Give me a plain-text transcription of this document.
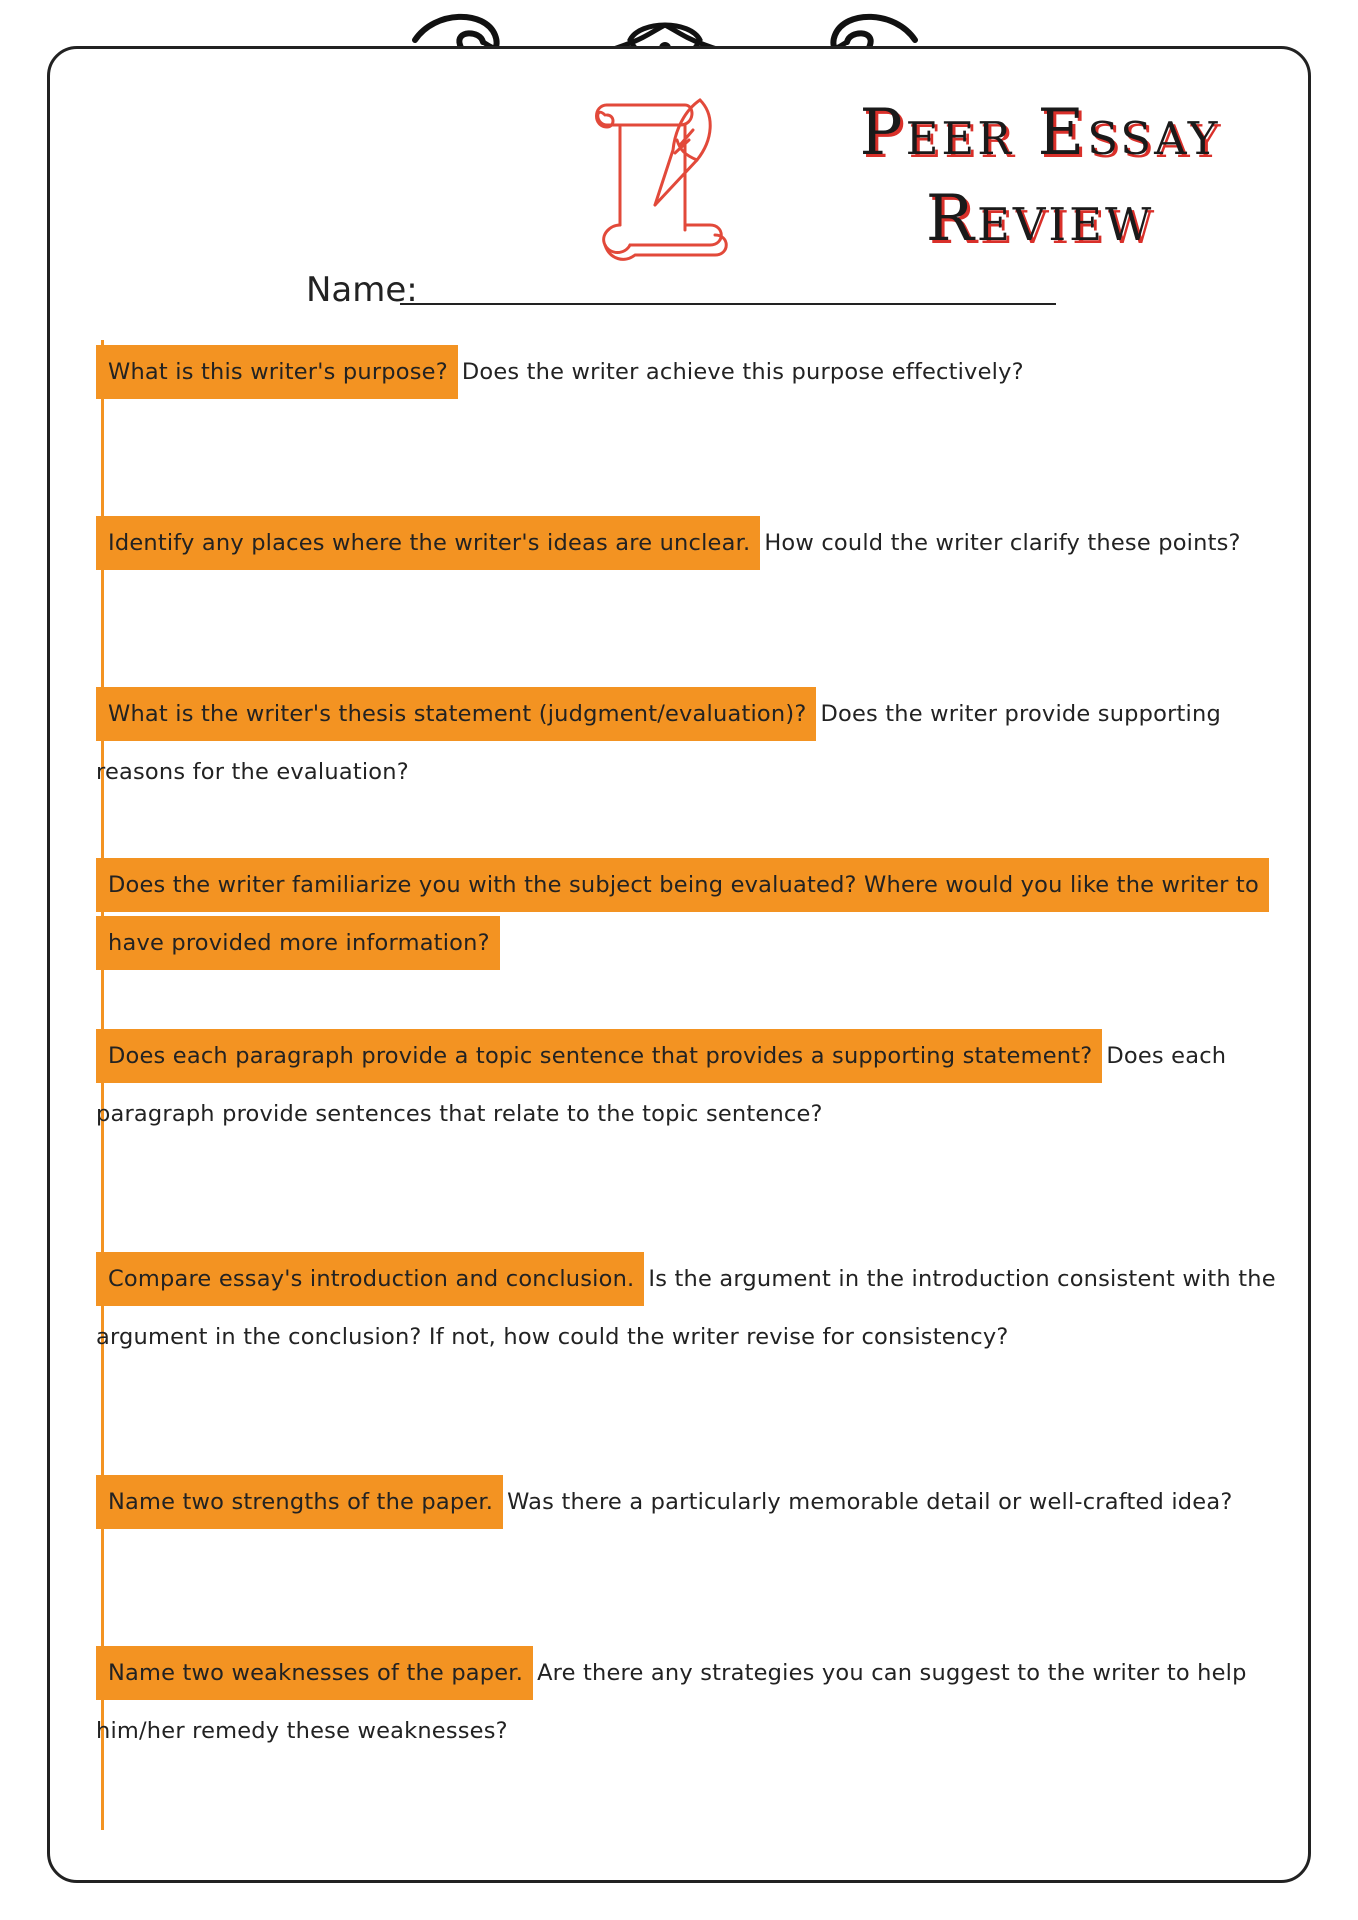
Peer Essay
Review
Name:
What is this writer's purpose? Does the writer achieve this purpose effectively?
Identify any places where the writer's ideas are unclear. How could the writer clarify these points?
What is the writer's thesis statement (judgment/evaluation)? Does the writer provide supporting reasons for the evaluation?
Does the writer familiarize you with the subject being evaluated? Where would you like the writer to have provided more information?
Does each paragraph provide a topic sentence that provides a supporting statement? Does each paragraph provide sentences that relate to the topic sentence?
Compare essay's introduction and conclusion. Is the argument in the introduction consistent with the argument in the conclusion? If not, how could the writer revise for consistency?
Name two strengths of the paper. Was there a particularly memorable detail or well-crafted idea?
Name two weaknesses of the paper. Are there any strategies you can suggest to the writer to help him/her remedy these weaknesses?
